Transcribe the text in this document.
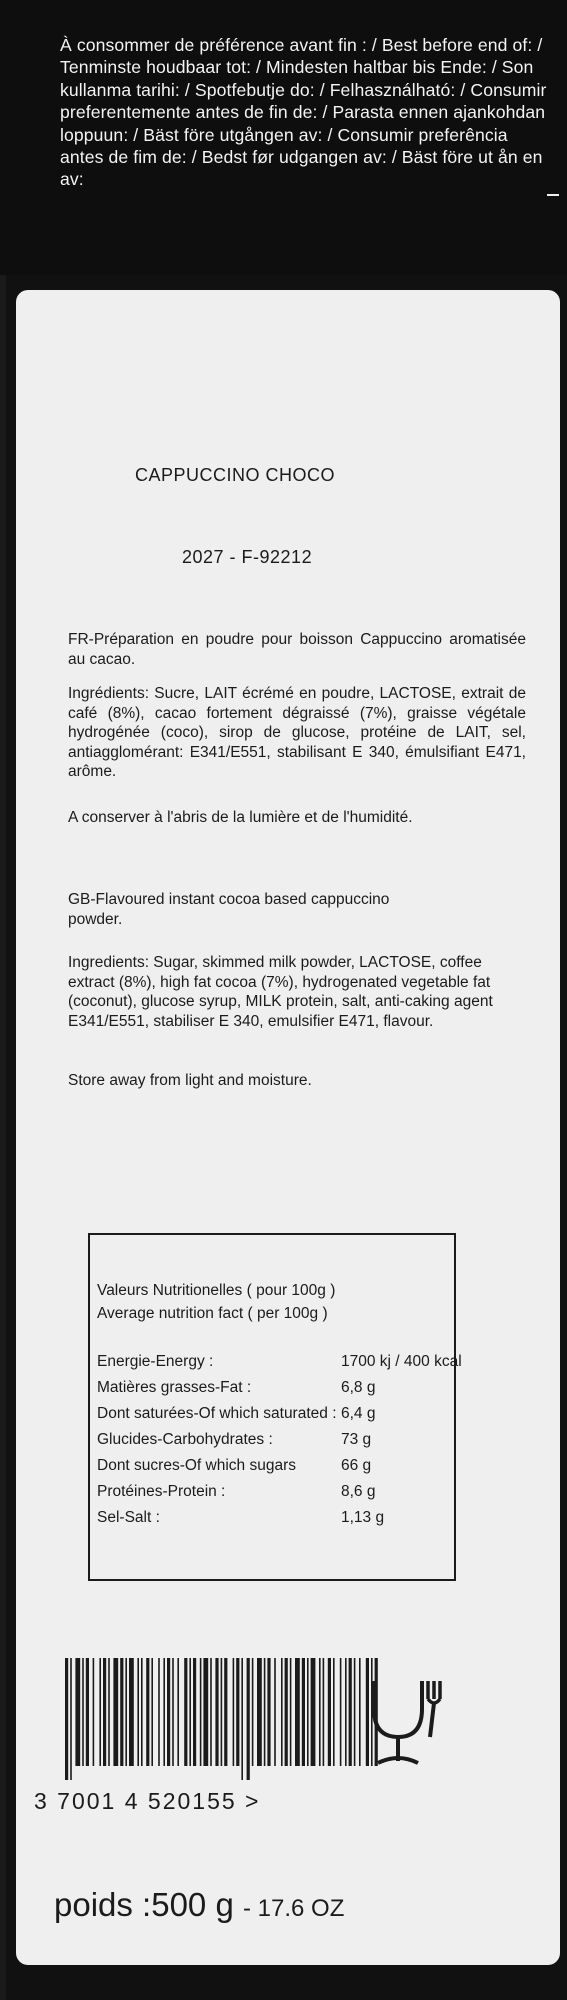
À consommer de préférence avant fin : / Best before end of: / Tenminste houdbaar tot: / Mindesten haltbar bis Ende: / Son kullanma tarihi: / Spotfebutje do: / Felhasználható: / Consumir preferentemente antes de fin de: / Parasta ennen ajankohdan loppuun: / Bäst före utgången av: / Consumir preferência antes de fim de: / Bedst før udgangen av: / Bäst före ut ån en av:

CAPPUCCINO CHOCO
2027 - F-92212
FR-Préparation en poudre pour boisson Cappuccino aromatisée au cacao.
Ingrédients: Sucre, LAIT écrémé en poudre, LACTOSE, extrait de café (8%), cacao fortement dégraissé (7%), graisse végétale hydrogénée (coco), sirop de glucose, protéine de LAIT, sel, antiagglomérant: E341/E551, stabilisant E 340, émulsifiant E471, arôme.
A conserver à l'abris de la lumière et de l'humidité.
GB-Flavoured instant cocoa based cappuccino powder.
Ingredients: Sugar, skimmed milk powder, LACTOSE, coffee extract (8%), high fat cocoa (7%), hydrogenated vegetable fat (coconut), glucose syrup, MILK protein, salt, anti-caking agent E341/E551, stabiliser E 340, emulsifier E471, flavour.
Store away from light and moisture.
Valeurs Nutritionelles ( pour 100g )
Average nutrition fact ( per 100g )
Energie-Energy :	1700 kj / 400 kcal
Matières grasses-Fat :	6,8 g
Dont saturées-Of which saturated : 6,4 g
Glucides-Carbohydrates :	73 g
Dont sucres-Of which sugars	66 g
Protéines-Protein :	8,6 g
Sel-Salt :	1,13 g
3 7001 4 520155 >
poids :500 g - 17.6 OZ
